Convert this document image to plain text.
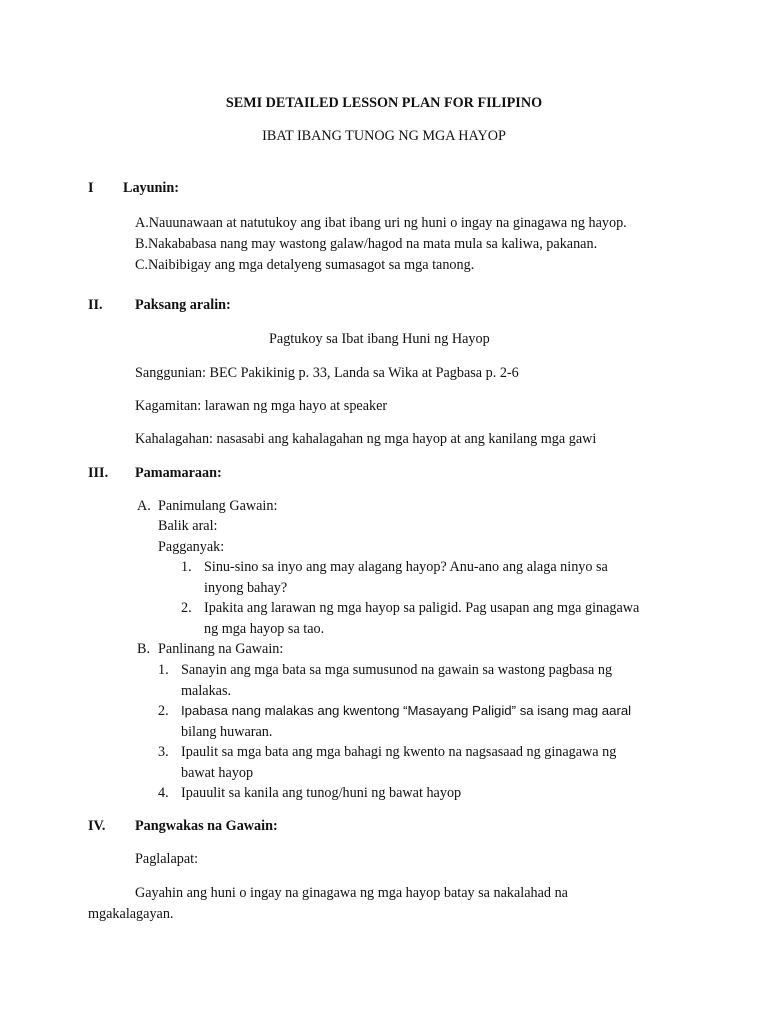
SEMI DETAILED LESSON PLAN FOR FILIPINO
IBAT IBANG TUNOG NG MGA HAYOP
I Layunin:
A.Nauunawaan at natutukoy ang ibat ibang uri ng huni o ingay na ginagawa ng hayop.
B.Nakababasa nang may wastong galaw/hagod na mata mula sa kaliwa, pakanan.
C.Naibibigay ang mga detalyeng sumasagot sa mga tanong.
II. Paksang aralin:
Pagtukoy sa Ibat ibang Huni ng Hayop
Sanggunian: BEC Pakikinig p. 33, Landa sa Wika at Pagbasa p. 2-6
Kagamitan: larawan ng mga hayo at speaker
Kahalagahan: nasasabi ang kahalagahan ng mga hayop at ang kanilang mga gawi
III. Pamamaraan:
A. Panimulang Gawain:
Balik aral:
Pagganyak:
1. Sinu-sino sa inyo ang may alagang hayop? Anu-ano ang alaga ninyo sa
inyong bahay?
2. Ipakita ang larawan ng mga hayop sa paligid. Pag usapan ang mga ginagawa
ng mga hayop sa tao.
B. Panlinang na Gawain:
1. Sanayin ang mga bata sa mga sumusunod na gawain sa wastong pagbasa ng
malakas.
2. Ipabasa nang malakas ang kwentong “Masayang Paligid” sa isang mag aaral
bilang huwaran.
3. Ipaulit sa mga bata ang mga bahagi ng kwento na nagsasaad ng ginagawa ng
bawat hayop
4. Ipauulit sa kanila ang tunog/huni ng bawat hayop
IV. Pangwakas na Gawain:
Paglalapat:
Gayahin ang huni o ingay na ginagawa ng mga hayop batay sa nakalahad na
mgakalagayan.
